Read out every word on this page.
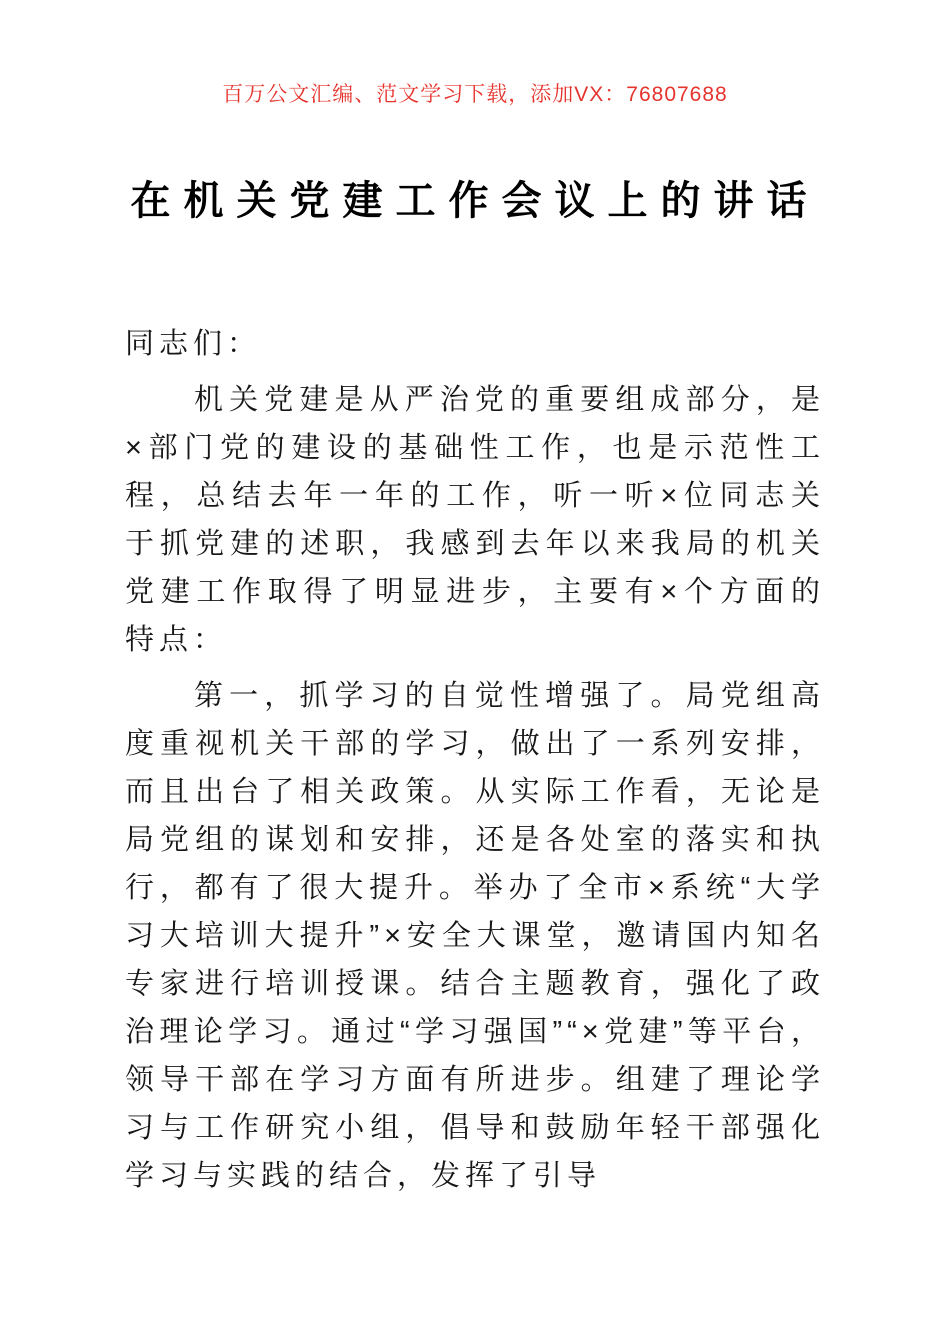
百万公文汇编、范文学习下载，添加VX：76807688
在机关党建工作会议上的讲话

同志们：

机关党建是从严治党的重要组成部分，是×部门党的建设的基础性工作，也是示范性工程，总结去年一年的工作，听一听×位同志关于抓党建的述职，我感到去年以来我局的机关党建工作取得了明显进步，主要有×个方面的特点：

第一，抓学习的自觉性增强了。局党组高度重视机关干部的学习，做出了一系列安排，而且出台了相关政策。从实际工作看，无论是局党组的谋划和安排，还是各处室的落实和执行，都有了很大提升。举办了全市×系统“大学习大培训大提升”×安全大课堂，邀请国内知名专家进行培训授课。结合主题教育，强化了政治理论学习。通过“学习强国”“×党建”等平台，领导干部在学习方面有所进步。组建了理论学习与工作研究小组，倡导和鼓励年轻干部强化学习与实践的结合，发挥了引导
